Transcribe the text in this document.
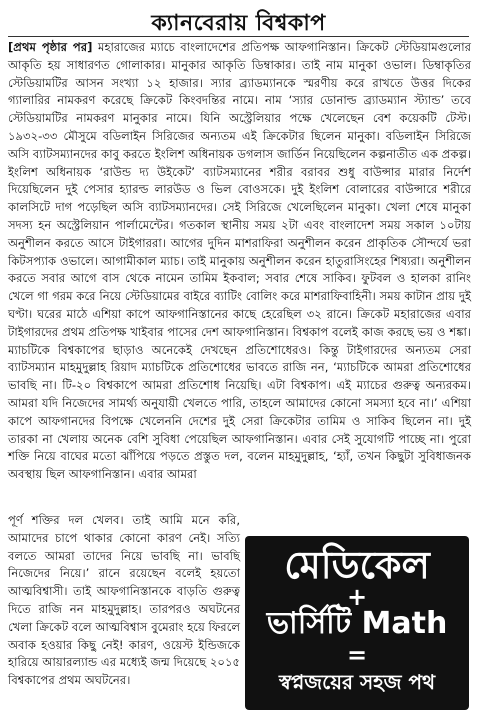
ক্যানবেরায় বিশ্বকাপ

[প্রথম পৃষ্ঠার পর] মহারাজের ম্যাচে বাংলাদেশের প্রতিপক্ষ আফগানিস্তান। ক্রিকেট স্টেডিয়ামগুলোর আকৃতি হয় সাধারণত গোলাকার। মানুকার আকৃতি ডিম্বাকার। তাই নাম মানুকা ওভাল। ডিম্বাকৃতির স্টেডিয়ামটির আসন সংখ্যা ১২ হাজার। স্যার ব্র্যাডম্যানকে স্মরণীয় করে রাখতে উত্তর দিকের গ্যালারির নামকরণ করেছে ক্রিকেট কিংবদন্তির নামে। নাম ‘স্যার ডোনাল্ড ব্র্যাডম্যান স্ট্যান্ড’ তবে স্টেডিয়ামটির নামকরণ মানুকার নামে। যিনি অস্ট্রেলিয়ার পক্ষে খেলেছেন বেশ কয়েকটি টেস্ট। ১৯৩২-৩৩ মৌসুমে বডিলাইন সিরিজের অন্যতম এই ক্রিকেটার ছিলেন মানুকা। বডিলাইন সিরিজে অসি ব্যাটসম্যানদের কাবু করতে ইংলিশ অধিনায়ক ডগলাস জার্ডিন নিয়েছিলেন কল্পনাতীত এক প্রকল্প। ইংলিশ অধিনায়ক ‘রাউন্ড দ্য উইকেট’ ব্যাটসম্যানের শরীর বরাবর শুধু বাউন্সার মারার নির্দেশ দিয়েছিলেন দুই পেসার হ্যারল্ড লারউড ও ভিল বোওসকে। দুই ইংলিশ বোলারের বাউন্সারে শরীরে কালসিটে দাগ পড়েছিল অসি ব্যাটসম্যানদের। সেই সিরিজে খেলেছিলেন মানুকা। খেলা শেষে মানুকা সদস্য হন অস্ট্রেলিয়ান পার্লামেন্টের। গতকাল স্থানীয় সময় ২টা এবং বাংলাদেশ সময় সকাল ১০টায় অনুশীলন করতে আসে টাইগাররা। আগের দুদিন মাশরাফিরা অনুশীলন করেন প্রাকৃতিক সৌন্দর্যে ভরা কিটসপ্যাক ওভালে। আগামীকাল ম্যাচ। তাই মানুকায় অনুশীলন করেন হাতুরাসিংহের শিষ্যরা। অনুশীলন করতে সবার আগে বাস থেকে নামেন তামিম ইকবাল; সবার শেষে সাকিব। ফুটবল ও হালকা রানিং খেলে গা গরম করে নিয়ে স্টেডিয়ামের বাইরে ব্যাটিং বোলিং করে মাশরাফিবাহিনী। সময় কাটান প্রায় দুই ঘণ্টা। ঘরের মাঠে এশিয়া কাপে আফগানিস্তানের কাছে হেরেছিল ৩২ রানে। ক্রিকেট মহারাজের এবার টাইগারদের প্রথম প্রতিপক্ষ খাইবার পাসের দেশ আফগানিস্তান। বিশ্বকাপ বলেই কাজ করছে ভয় ও শঙ্কা। ম্যাচটিকে বিশ্বকাপের ছাড়াও অনেকেই দেখছেন প্রতিশোধেরও। কিন্তু টাইগারদের অন্যতম সেরা ব্যাটসম্যান মাহমুদুল্লাহ রিয়াদ ম্যাচটিকে প্রতিশোধের ভাবতে রাজি নন, ‘ম্যাচটিকে আমরা প্রতিশোধের ভাবছি না। টি-২০ বিশ্বকাপে আমরা প্রতিশোধ নিয়েছি। এটা বিশ্বকাপ। এই ম্যাচের গুরুত্ব অন্যরকম। আমরা যদি নিজেদের সামর্থ্য অনুযায়ী খেলতে পারি, তাহলে আমাদের কোনো সমস্যা হবে না।’ এশিয়া কাপে আফগানদের বিপক্ষে খেলেননি দেশের দুই সেরা ক্রিকেটার তামিম ও সাকিব ছিলেন না। দুই তারকা না খেলায় অনেক বেশি সুবিধা পেয়েছিল আফগানিস্তান। এবার সেই সুযোগটি পাচ্ছে না। পুরো শক্তি নিয়ে বাঘের মতো ঝাঁপিয়ে পড়তে প্রস্তুত দল, বলেন মাহমুদুল্লাহ, ‘হ্যাঁ, তখন কিছুটা সুবিধাজনক অবস্থায় ছিল আফগানিস্তান। এবার আমরা

পূর্ণ শক্তির দল খেলব। তাই আমি মনে করি, আমাদের চাপে থাকার কোনো কারণ নেই। সত্যি বলতে আমরা তাদের নিয়ে ভাবছি না। ভাবছি নিজেদের নিয়ে।’ রানে রয়েছেন বলেই হয়তো আত্মবিশ্বাসী। তাই আফগানিস্তানকে বাড়তি গুরুত্ব দিতে রাজি নন মাহমুদুল্লাহ। তারপরও অঘটনের খেলা ক্রিকেট বলে আত্মবিশ্বাস বুমেরাং হয়ে ফিরলে অবাক হওয়ার কিছু নেই! কারণ, ওয়েস্ট ইন্ডিজকে হারিয়ে আয়ারল্যান্ড এর মধ্যেই জন্ম দিয়েছে ২০১৫ বিশ্বকাপের প্রথম অঘটনের।

মেডিকেল
+
ভার্সিটি Math
=
স্বপ্নজয়ের সহজ পথ
